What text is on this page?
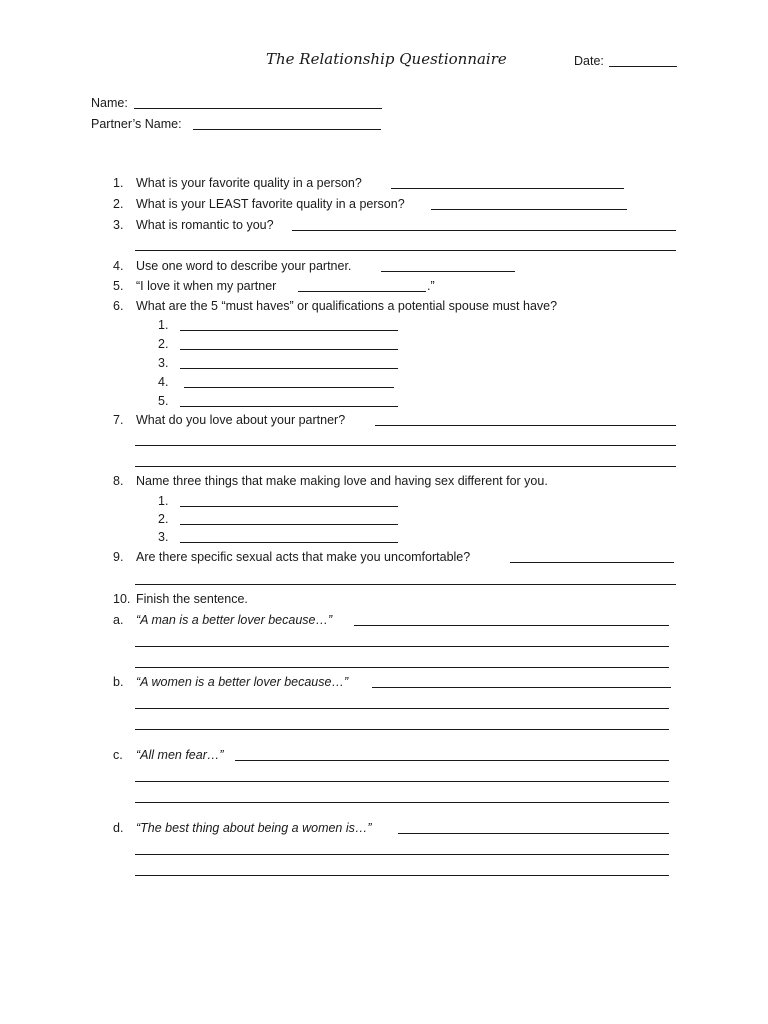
The Relationship Questionnaire	Date:
Name:
Partner’s Name:
1. What is your favorite quality in a person?
2. What is your LEAST favorite quality in a person?
3. What is romantic to you?
4. Use one word to describe your partner.
5. “I love it when my partner	.”
6. What are the 5 “must haves” or qualifications a potential spouse must have?
1.
2.
3.
4.
5.
7. What do you love about your partner?
8. Name three things that make making love and having sex different for you.
1.
2.
3.
9. Are there specific sexual acts that make you uncomfortable?
10. Finish the sentence.
a. “A man is a better lover because…”
b. “A women is a better lover because…”
c. “All men fear…”
d. “The best thing about being a women is…”
